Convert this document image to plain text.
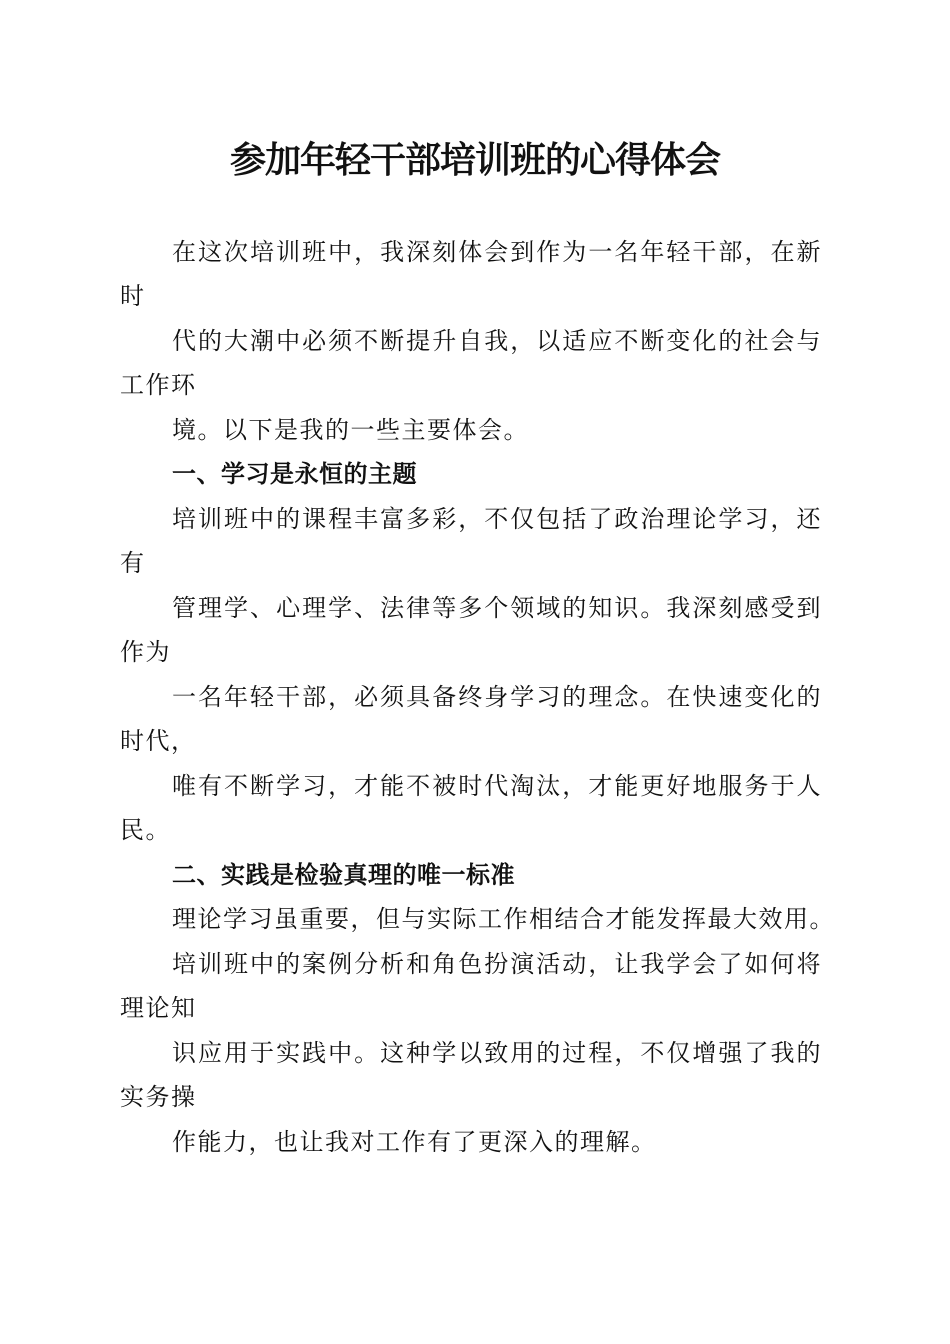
参加年轻干部培训班的心得体会
在这次培训班中，我深刻体会到作为一名年轻干部，在新
时
代的大潮中必须不断提升自我，以适应不断变化的社会与
工作环
境。以下是我的一些主要体会。
一、学习是永恒的主题
培训班中的课程丰富多彩，不仅包括了政治理论学习，还
有
管理学、心理学、法律等多个领域的知识。我深刻感受到
作为
一名年轻干部，必须具备终身学习的理念。在快速变化的
时代，
唯有不断学习，才能不被时代淘汰，才能更好地服务于人
民。
二、实践是检验真理的唯一标准
理论学习虽重要，但与实际工作相结合才能发挥最大效用。
培训班中的案例分析和角色扮演活动，让我学会了如何将
理论知
识应用于实践中。这种学以致用的过程，不仅增强了我的
实务操
作能力，也让我对工作有了更深入的理解。
